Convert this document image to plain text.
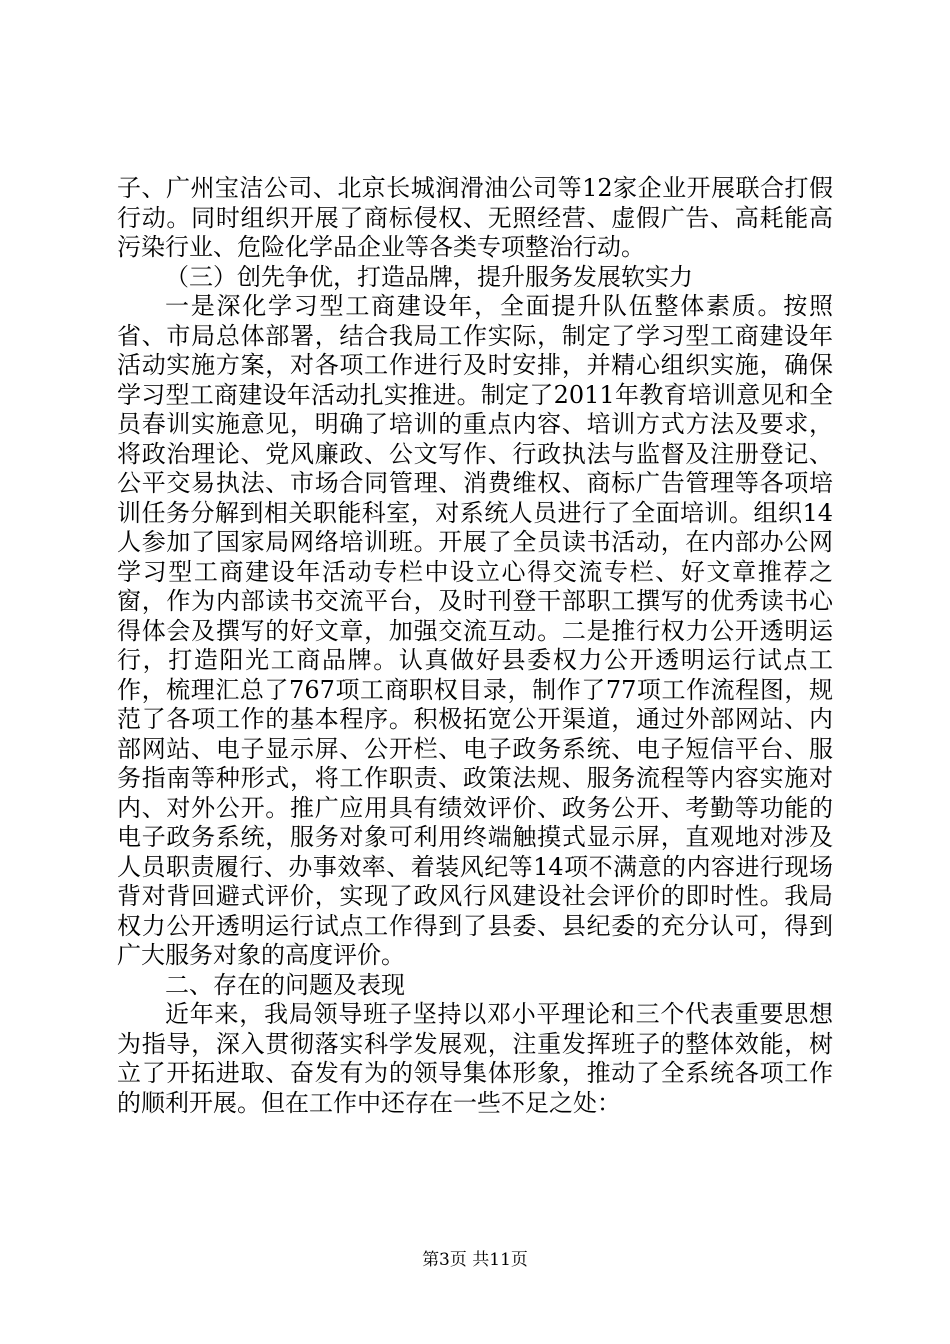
子、广州宝洁公司、北京长城润滑油公司等12家企业开展联合打假行动。同时组织开展了商标侵权、无照经营、虚假广告、高耗能高污染行业、危险化学品企业等各类专项整治行动。

（三）创先争优，打造品牌，提升服务发展软实力

一是深化学习型工商建设年，全面提升队伍整体素质。按照省、市局总体部署，结合我局工作实际，制定了学习型工商建设年活动实施方案，对各项工作进行及时安排，并精心组织实施，确保学习型工商建设年活动扎实推进。制定了2011年教育培训意见和全员春训实施意见，明确了培训的重点内容、培训方式方法及要求，将政治理论、党风廉政、公文写作、行政执法与监督及注册登记、公平交易执法、市场合同管理、消费维权、商标广告管理等各项培训任务分解到相关职能科室，对系统人员进行了全面培训。组织14人参加了国家局网络培训班。开展了全员读书活动，在内部办公网学习型工商建设年活动专栏中设立心得交流专栏、好文章推荐之窗，作为内部读书交流平台，及时刊登干部职工撰写的优秀读书心得体会及撰写的好文章，加强交流互动。二是推行权力公开透明运行，打造阳光工商品牌。认真做好县委权力公开透明运行试点工作，梳理汇总了767项工商职权目录，制作了77项工作流程图，规范了各项工作的基本程序。积极拓宽公开渠道，通过外部网站、内部网站、电子显示屏、公开栏、电子政务系统、电子短信平台、服务指南等种形式，将工作职责、政策法规、服务流程等内容实施对内、对外公开。推广应用具有绩效评价、政务公开、考勤等功能的电子政务系统，服务对象可利用终端触摸式显示屏，直观地对涉及人员职责履行、办事效率、着装风纪等14项不满意的内容进行现场背对背回避式评价，实现了政风行风建设社会评价的即时性。我局权力公开透明运行试点工作得到了县委、县纪委的充分认可，得到广大服务对象的高度评价。

二、存在的问题及表现

近年来，我局领导班子坚持以邓小平理论和三个代表重要思想为指导，深入贯彻落实科学发展观，注重发挥班子的整体效能，树立了开拓进取、奋发有为的领导集体形象，推动了全系统各项工作的顺利开展。但在工作中还存在一些不足之处：

第3页 共11页
